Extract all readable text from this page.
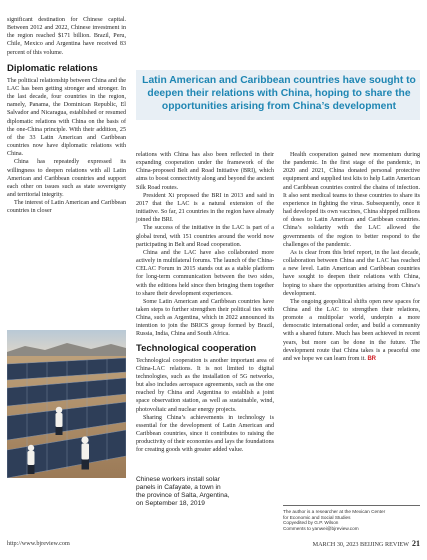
significant destination for Chinese capital. Between 2012 and 2022, Chinese investment in the region reached $171 billion. Brazil, Peru, Chile, Mexico and Argentina have received 83 percent of this volume.

Diplomatic relations

The political relationship between China and the LAC has been getting stronger and stronger. In the last decade, four countries in the region, namely, Panama, the Dominican Republic, El Salvador and Nicaragua, established or resumed diplomatic relations with China on the basis of the one-China principle. With their addition, 25 of the 33 Latin American and Caribbean countries now have diplomatic relations with China.

China has repeatedly expressed its willingness to deepen relations with all Latin American and Caribbean countries and support each other on issues such as state sovereignty and territorial integrity.

The interest of Latin American and Caribbean countries in closer

Latin American and Caribbean countries have sought to deepen their relations with China, hoping to share the opportunities arising from China’s development

relations with China has also been reflected in their expanding cooperation under the framework of the China-proposed Belt and Road Initiative (BRI), which aims to boost connectivity along and beyond the ancient Silk Road routes.

President Xi proposed the BRI in 2013 and said in 2017 that the LAC is a natural extension of the initiative. So far, 21 countries in the region have already joined the BRI.

The success of the initiative in the LAC is part of a global trend, with 151 countries around the world now participating in Belt and Road cooperation.

China and the LAC have also collaborated more actively in multilateral forums. The launch of the China-CELAC Forum in 2015 stands out as a stable platform for long-term communication between the two sides, with the editions held since then bringing them together to share their development experiences.

Some Latin American and Caribbean countries have taken steps to further strengthen their political ties with China, such as Argentina, which in 2022 announced its intention to join the BRICS group formed by Brazil, Russia, India, China and South Africa.

Technological cooperation

Technological cooperation is another important area of China-LAC relations. It is not limited to digital technologies, such as the installation of 5G networks, but also includes aerospace agreements, such as the one reached by China and Argentina to establish a joint space observation station, as well as sustainable, wind, photovoltaic and nuclear energy projects.

Sharing China’s achievements in technology is essential for the development of Latin American and Caribbean countries, since it contributes to raising the productivity of their economies and lays the foundations for creating goods with greater added value.

Health cooperation gained new momentum during the pandemic. In the first stage of the pandemic, in 2020 and 2021, China donated personal protective equipment and supplied test kits to help Latin American and Caribbean countries control the chains of infection. It also sent medical teams to these countries to share its experience in fighting the virus. Subsequently, once it had developed its own vaccines, China shipped millions of doses to Latin American and Caribbean countries. China’s solidarity with the LAC allowed the governments of the region to better respond to the challenges of the pandemic.

As is clear from this brief report, in the last decade, collaboration between China and the LAC has reached a new level. Latin American and Caribbean countries have sought to deepen their relations with China, hoping to share the opportunities arising from China’s development.

The ongoing geopolitical shifts open new spaces for China and the LAC to strengthen their relations, promote a multipolar world, underpin a more democratic international order, and build a community with a shared future. Much has been achieved in recent years, but more can be done in the future. The development route that China takes is a peaceful one and we hope we can learn from it. BR

Chinese workers install solar

panels in Cafayate, a town in

the province of Salta, Argentina,

on September 18, 2019

The author is a researcher at the Mexican Center
for Economic and Social Studies
Copyedited by G.P. Wilson
Comments to yanwei@bjreview.com
http://www.bjreview.com	MARCH 30, 2023 BEIJING REVIEW 21
